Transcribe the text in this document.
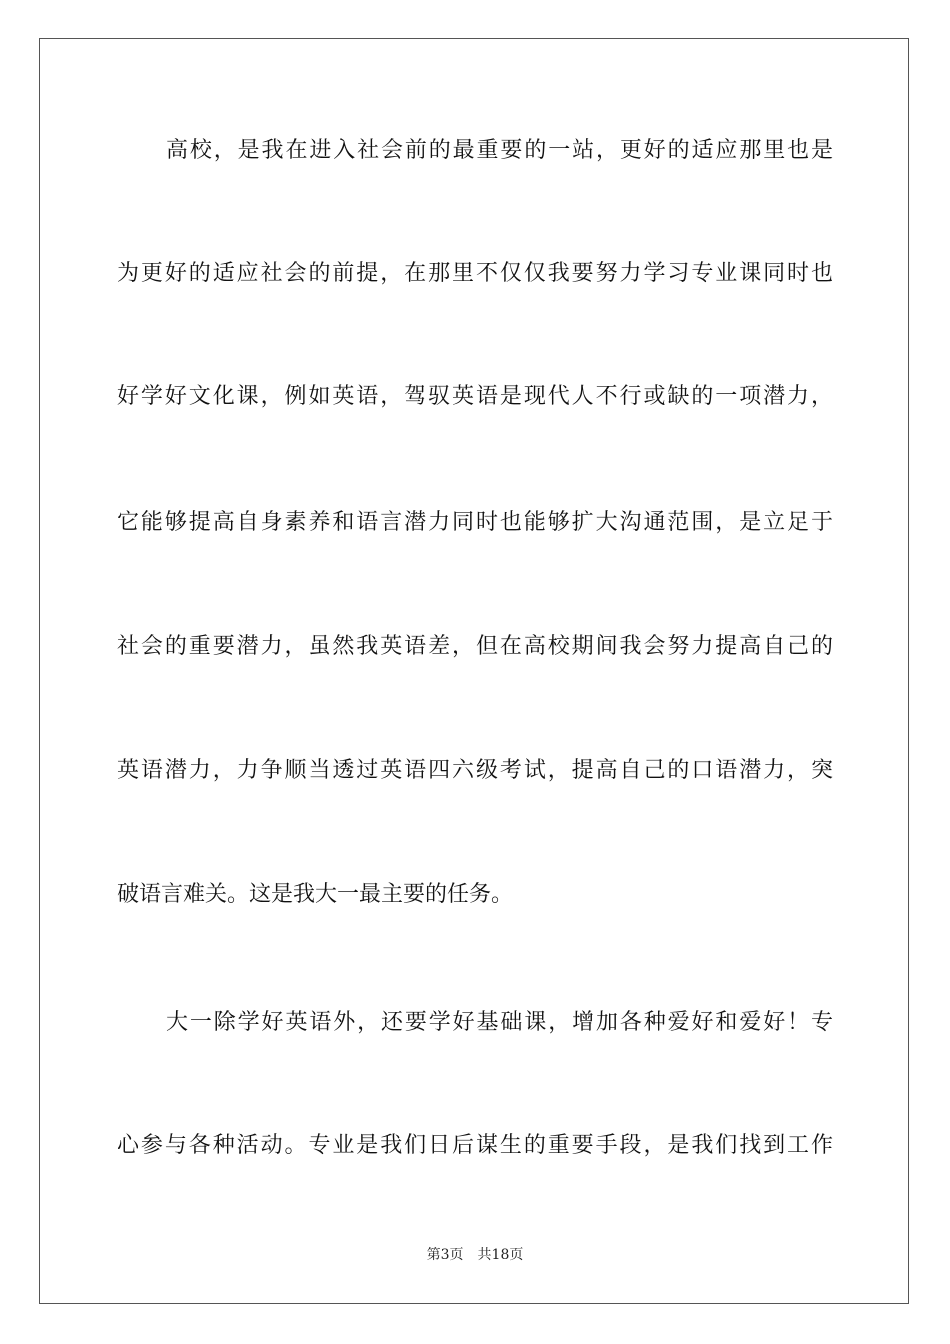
高校，是我在进入社会前的最重要的一站，更好的适应那里也是
为更好的适应社会的前提，在那里不仅仅我要努力学习专业课同时也
好学好文化课，例如英语，驾驭英语是现代人不行或缺的一项潜力，
它能够提高自身素养和语言潜力同时也能够扩大沟通范围，是立足于
社会的重要潜力，虽然我英语差，但在高校期间我会努力提高自己的
英语潜力，力争顺当透过英语四六级考试，提高自己的口语潜力，突
破语言难关。这是我大一最主要的任务。
大一除学好英语外，还要学好基础课，增加各种爱好和爱好！专
心参与各种活动。专业是我们日后谋生的重要手段，是我们找到工作
第3页 共18页
